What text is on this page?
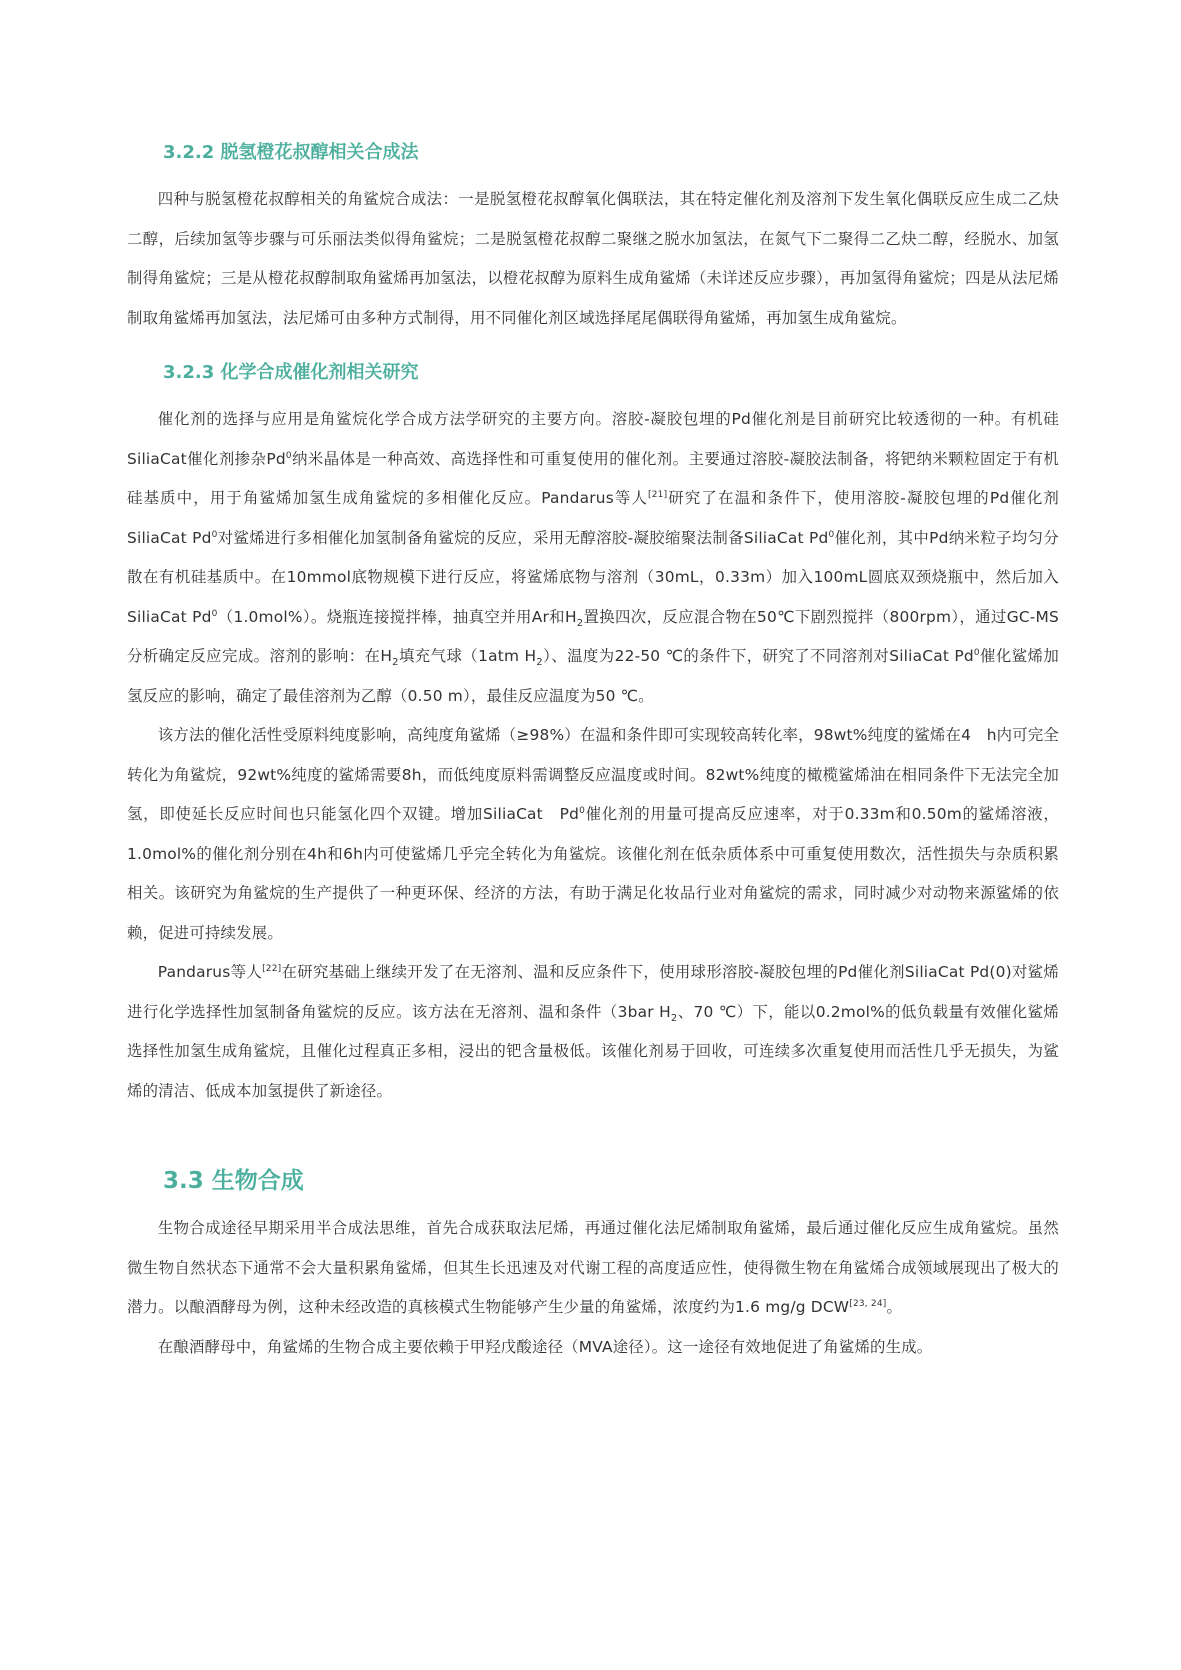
3.2.2 脱氢橙花叔醇相关合成法

四种与脱氢橙花叔醇相关的角鲨烷合成法：一是脱氢橙花叔醇氧化偶联法，其在特定催化剂及溶剂下发生氧化偶联反应生成二乙炔二醇，后续加氢等步骤与可乐丽法类似得角鲨烷；二是脱氢橙花叔醇二聚继之脱水加氢法，在氮气下二聚得二乙炔二醇，经脱水、加氢制得角鲨烷；三是从橙花叔醇制取角鲨烯再加氢法，以橙花叔醇为原料生成角鲨烯（未详述反应步骤），再加氢得角鲨烷；四是从法尼烯制取角鲨烯再加氢法，法尼烯可由多种方式制得，用不同催化剂区域选择尾尾偶联得角鲨烯，再加氢生成角鲨烷。

3.2.3 化学合成催化剂相关研究

催化剂的选择与应用是角鲨烷化学合成方法学研究的主要方向。溶胶-凝胶包埋的Pd催化剂是目前研究比较透彻的一种。有机硅SiliaCat催化剂掺杂Pd$^0$纳米晶体是一种高效、高选择性和可重复使用的催化剂。主要通过溶胶-凝胶法制备，将钯纳米颗粒固定于有机硅基质中，用于角鲨烯加氢生成角鲨烷的多相催化反应。Pandarus等人[21]研究了在温和条件下，使用溶胶-凝胶包埋的Pd催化剂SiliaCat Pd$^0$对鲨烯进行多相催化加氢制备角鲨烷的反应，采用无醇溶胶-凝胶缩聚法制备SiliaCat Pd$^0$催化剂，其中Pd纳米粒子均匀分散在有机硅基质中。在10mmol底物规模下进行反应，将鲨烯底物与溶剂（30mL，0.33m）加入100mL圆底双颈烧瓶中，然后加入SiliaCat Pd$^0$（1.0mol%）。烧瓶连接搅拌棒，抽真空并用Ar和$H_2$置换四次，反应混合物在50℃下剧烈搅拌（800rpm），通过GC-MS分析确定反应完成。溶剂的影响：在$H_2$填充气球（1atm $H_2$）、温度为22-50 ℃的条件下，研究了不同溶剂对SiliaCat Pd$^0$催化鲨烯加氢反应的影响，确定了最佳溶剂为乙醇（0.50 m），最佳反应温度为50 ℃。

该方法的催化活性受原料纯度影响，高纯度角鲨烯（≥98%）在温和条件即可实现较高转化率，98wt%纯度的鲨烯在4　h内可完全转化为角鲨烷，92wt%纯度的鲨烯需要8h，而低纯度原料需调整反应温度或时间。82wt%纯度的橄榄鲨烯油在相同条件下无法完全加氢，即使延长反应时间也只能氢化四个双键。增加SiliaCat　Pd$^0$催化剂的用量可提高反应速率，对于0.33m和0.50m的鲨烯溶液，1.0mol%的催化剂分别在4h和6h内可使鲨烯几乎完全转化为角鲨烷。该催化剂在低杂质体系中可重复使用数次，活性损失与杂质积累相关。该研究为角鲨烷的生产提供了一种更环保、经济的方法，有助于满足化妆品行业对角鲨烷的需求，同时减少对动物来源鲨烯的依赖，促进可持续发展。

Pandarus等人[22]在研究基础上继续开发了在无溶剂、温和反应条件下，使用球形溶胶-凝胶包埋的Pd催化剂SiliaCat Pd(0)对鲨烯进行化学选择性加氢制备角鲨烷的反应。该方法在无溶剂、温和条件（3bar $H_2$、70 ℃）下，能以0.2mol%的低负载量有效催化鲨烯选择性加氢生成角鲨烷，且催化过程真正多相，浸出的钯含量极低。该催化剂易于回收，可连续多次重复使用而活性几乎无损失，为鲨烯的清洁、低成本加氢提供了新途径。

3.3 生物合成

生物合成途径早期采用半合成法思维，首先合成获取法尼烯，再通过催化法尼烯制取角鲨烯，最后通过催化反应生成角鲨烷。虽然微生物自然状态下通常不会大量积累角鲨烯，但其生长迅速及对代谢工程的高度适应性，使得微生物在角鲨烯合成领域展现出了极大的潜力。以酿酒酵母为例，这种未经改造的真核模式生物能够产生少量的角鲨烯，浓度约为1.6 mg/g DCW[23, 24]。

在酿酒酵母中，角鲨烯的生物合成主要依赖于甲羟戊酸途径（MVA途径）。这一途径有效地促进了角鲨烯的生成。
